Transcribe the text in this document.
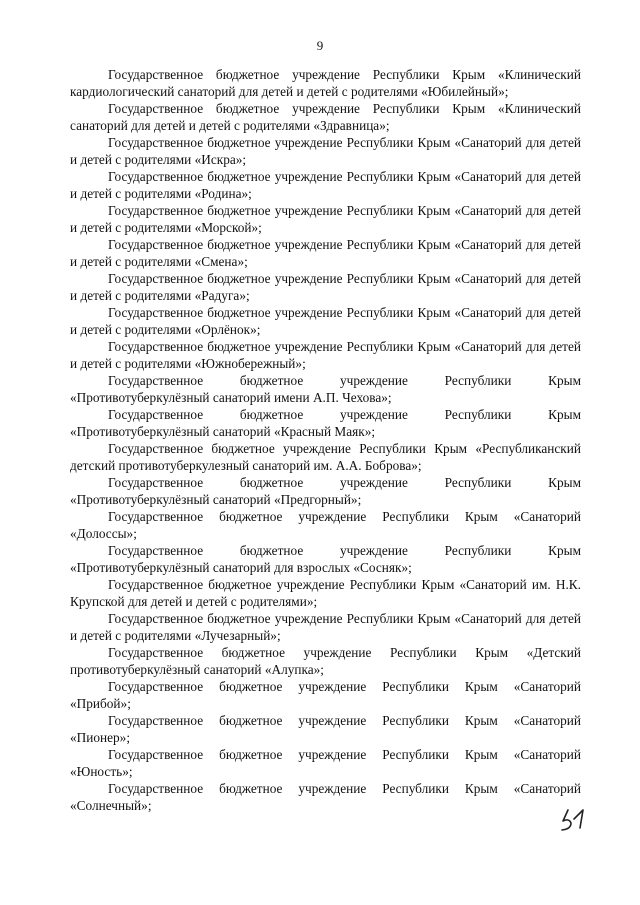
9

Государственное бюджетное учреждение Республики Крым «Клинический кардиологический санаторий для детей и детей с родителями «Юбилейный»;

Государственное бюджетное учреждение Республики Крым «Клинический санаторий для детей и детей с родителями «Здравница»;

Государственное бюджетное учреждение Республики Крым «Санаторий для детей и детей с родителями «Искра»;

Государственное бюджетное учреждение Республики Крым «Санаторий для детей и детей с родителями «Родина»;

Государственное бюджетное учреждение Республики Крым «Санаторий для детей и детей с родителями «Морской»;

Государственное бюджетное учреждение Республики Крым «Санаторий для детей и детей с родителями «Смена»;

Государственное бюджетное учреждение Республики Крым «Санаторий для детей и детей с родителями «Радуга»;

Государственное бюджетное учреждение Республики Крым «Санаторий для детей и детей с родителями «Орлёнок»;

Государственное бюджетное учреждение Республики Крым «Санаторий для детей и детей с родителями «Южнобережный»;

Государственное бюджетное учреждение Республики Крым «Противотуберкулёзный санаторий имени А.П. Чехова»;

Государственное бюджетное учреждение Республики Крым «Противотуберкулёзный санаторий «Красный Маяк»;

Государственное бюджетное учреждение Республики Крым «Республиканский детский противотуберкулезный санаторий им. А.А. Боброва»;

Государственное бюджетное учреждение Республики Крым «Противотуберкулёзный санаторий «Предгорный»;

Государственное бюджетное учреждение Республики Крым «Санаторий «Долоссы»;

Государственное бюджетное учреждение Республики Крым «Противотуберкулёзный санаторий для взрослых «Сосняк»;

Государственное бюджетное учреждение Республики Крым «Санаторий им. Н.К. Крупской для детей и детей с родителями»;

Государственное бюджетное учреждение Республики Крым «Санаторий для детей и детей с родителями «Лучезарный»;

Государственное бюджетное учреждение Республики Крым «Детский противотуберкулёзный санаторий «Алупка»;

Государственное бюджетное учреждение Республики Крым «Санаторий «Прибой»;

Государственное бюджетное учреждение Республики Крым «Санаторий «Пионер»;

Государственное бюджетное учреждение Республики Крым «Санаторий «Юность»;

Государственное бюджетное учреждение Республики Крым «Санаторий «Солнечный»;
